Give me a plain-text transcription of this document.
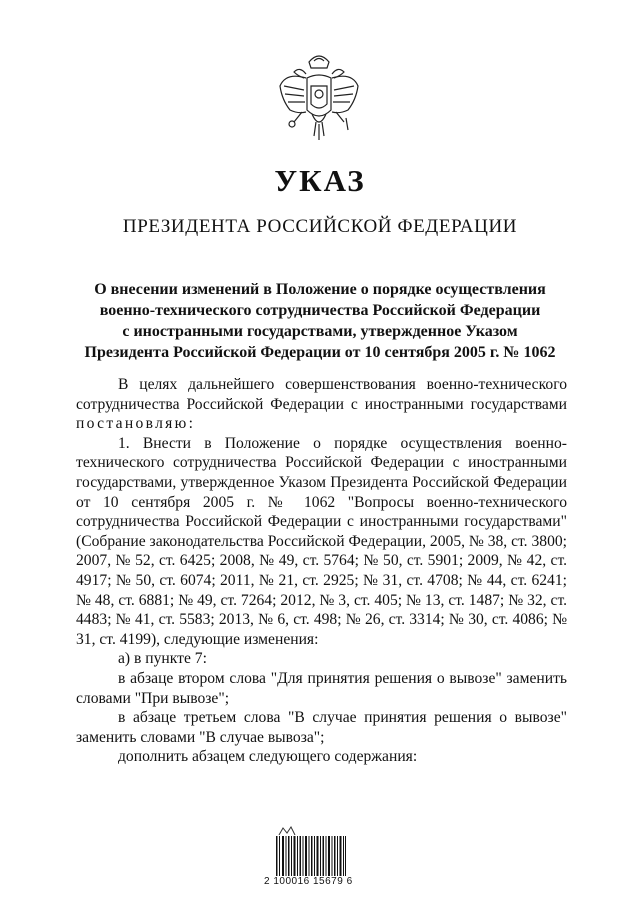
УКАЗ
ПРЕЗИДЕНТА РОССИЙСКОЙ ФЕДЕРАЦИИ
О внесении изменений в Положение о порядке осуществления
военно-технического сотрудничества Российской Федерации
с иностранными государствами, утвержденное Указом
Президента Российской Федерации от 10 сентября 2005 г. № 1062

В целях дальнейшего совершенствования военно-технического сотрудничества Российской Федерации с иностранными государствами постановляю:

1. Внести в Положение о порядке осуществления военно-технического сотрудничества Российской Федерации с иностранными государствами, утвержденное Указом Президента Российской Федерации от 10 сентября 2005 г. № 1062 "Вопросы военно-технического сотрудничества Российской Федерации с иностранными государствами" (Собрание законодательства Российской Федерации, 2005, № 38, ст. 3800; 2007, № 52, ст. 6425; 2008, № 49, ст. 5764; № 50, ст. 5901; 2009, № 42, ст. 4917; № 50, ст. 6074; 2011, № 21, ст. 2925; № 31, ст. 4708; № 44, ст. 6241; № 48, ст. 6881; № 49, ст. 7264; 2012, № 3, ст. 405; № 13, ст. 1487; № 32, ст. 4483; № 41, ст. 5583; 2013, № 6, ст. 498; № 26, ст. 3314; № 30, ст. 4086; № 31, ст. 4199), следующие изменения:

а) в пункте 7:

в абзаце втором слова "Для принятия решения о вывозе" заменить словами "При вывозе";

в абзаце третьем слова "В случае принятия решения о вывозе" заменить словами "В случае вывоза";

дополнить абзацем следующего содержания:

2 100016 15679 6
